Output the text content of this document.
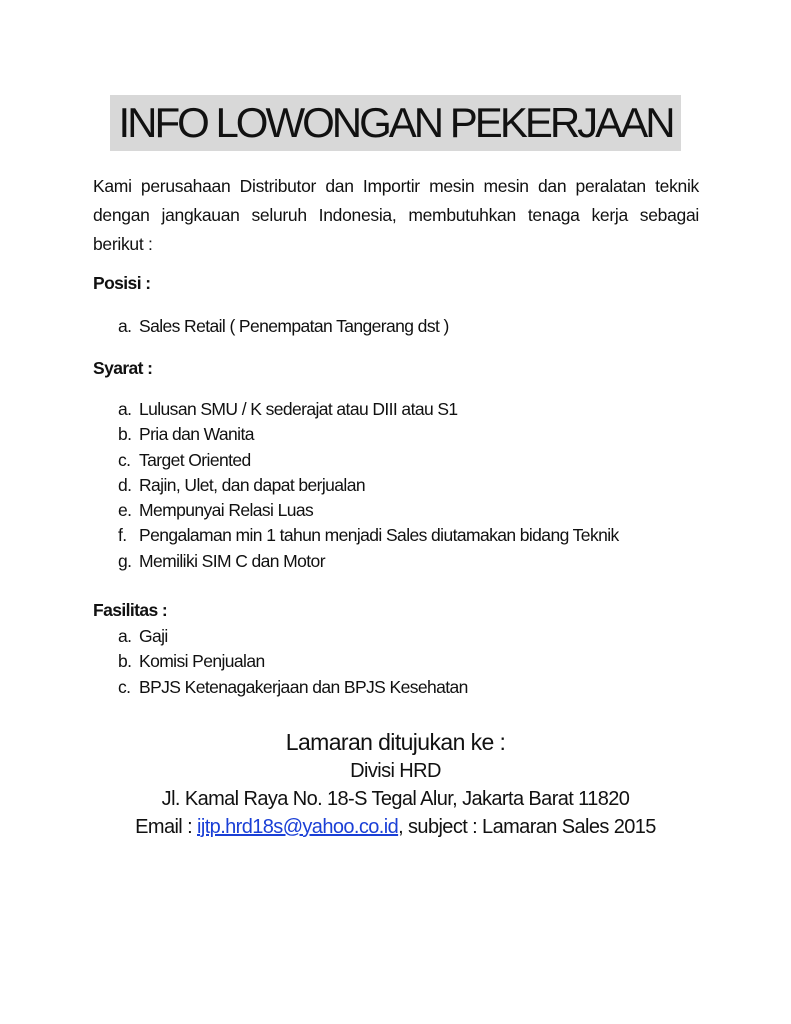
INFO LOWONGAN PEKERJAAN
Kami perusahaan Distributor dan Importir mesin mesin dan peralatan teknik dengan jangkauan seluruh Indonesia, membutuhkan tenaga kerja sebagai berikut :
Posisi :
a. Sales Retail ( Penempatan Tangerang dst )
Syarat :
a. Lulusan SMU / K sederajat atau DIII atau S1
b. Pria dan Wanita
c. Target Oriented
d. Rajin, Ulet, dan dapat berjualan
e. Mempunyai Relasi Luas
f. Pengalaman min 1 tahun menjadi Sales diutamakan bidang Teknik
g. Memiliki SIM C dan Motor
Fasilitas :
a. Gaji
b. Komisi Penjualan
c. BPJS Ketenagakerjaan dan BPJS Kesehatan
Lamaran ditujukan ke :
Divisi HRD
Jl. Kamal Raya No. 18-S Tegal Alur, Jakarta Barat 11820
Email : ijtp.hrd18s@yahoo.co.id, subject : Lamaran Sales 2015
